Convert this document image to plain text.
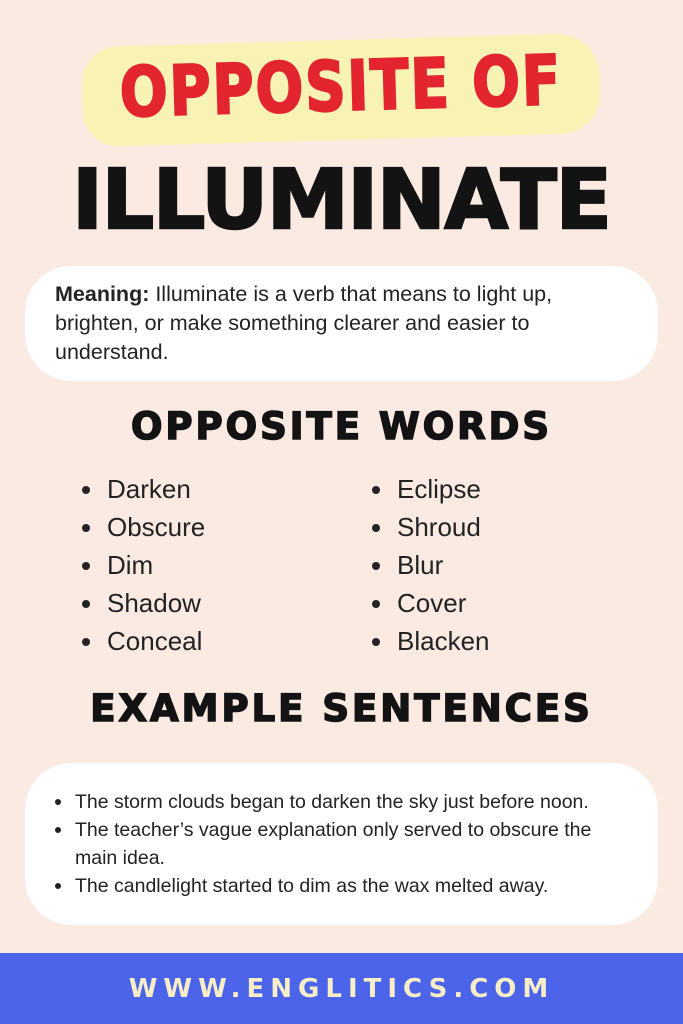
OPPOSITE OF
ILLUMINATE
Meaning: Illuminate is a verb that means to light up, brighten, or make something clearer and easier to understand.
OPPOSITE WORDS
Darken
Obscure
Dim
Shadow
Conceal
Eclipse
Shroud
Blur
Cover
Blacken
EXAMPLE SENTENCES
The storm clouds began to darken the sky just before noon.
The teacher’s vague explanation only served to obscure the main idea.
The candlelight started to dim as the wax melted away.
WWW.ENGLITICS.COM
